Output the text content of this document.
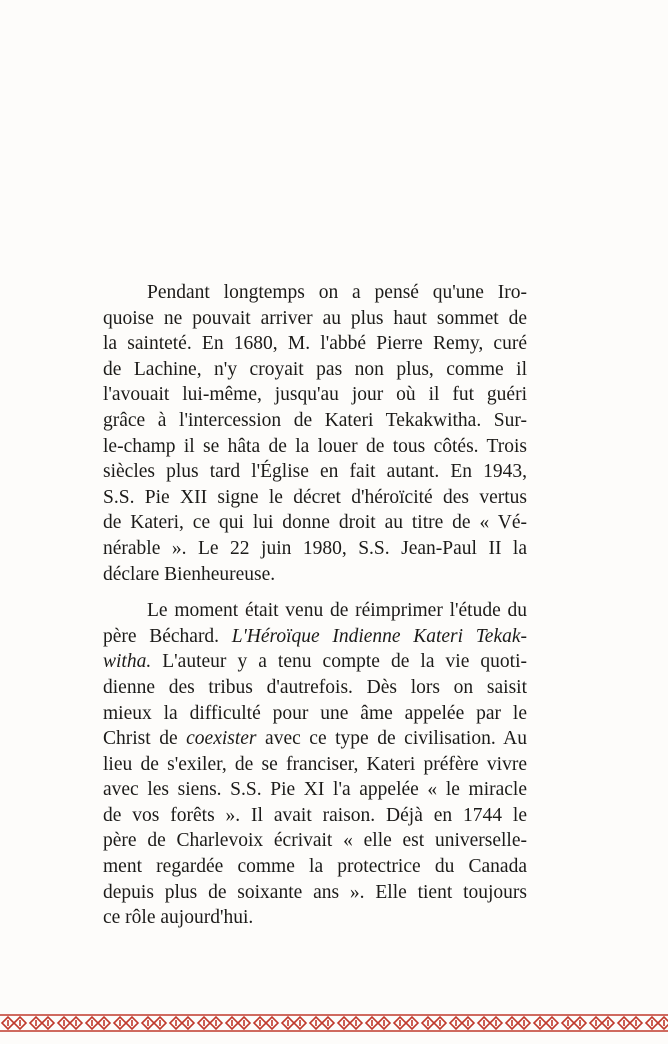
Pendant longtemps on a pensé qu'une Iro-
quoise ne pouvait arriver au plus haut sommet de
la sainteté. En 1680, M. l'abbé Pierre Remy, curé
de Lachine, n'y croyait pas non plus, comme il
l'avouait lui-même, jusqu'au jour où il fut guéri
grâce à l'intercession de Kateri Tekakwitha. Sur-
le-champ il se hâta de la louer de tous côtés. Trois
siècles plus tard l'Église en fait autant. En 1943,
S.S. Pie XII signe le décret d'héroïcité des vertus
de Kateri, ce qui lui donne droit au titre de « Vé-
nérable ». Le 22 juin 1980, S.S. Jean-Paul II la
déclare Bienheureuse.
Le moment était venu de réimprimer l'étude du
père Béchard. L'Héroïque Indienne Kateri Tekak-
witha. L'auteur y a tenu compte de la vie quoti-
dienne des tribus d'autrefois. Dès lors on saisit
mieux la difficulté pour une âme appelée par le
Christ de coexister avec ce type de civilisation. Au
lieu de s'exiler, de se franciser, Kateri préfère vivre
avec les siens. S.S. Pie XI l'a appelée « le miracle
de vos forêts ». Il avait raison. Déjà en 1744 le
père de Charlevoix écrivait « elle est universelle-
ment regardée comme la protectrice du Canada
depuis plus de soixante ans ». Elle tient toujours
ce rôle aujourd'hui.
